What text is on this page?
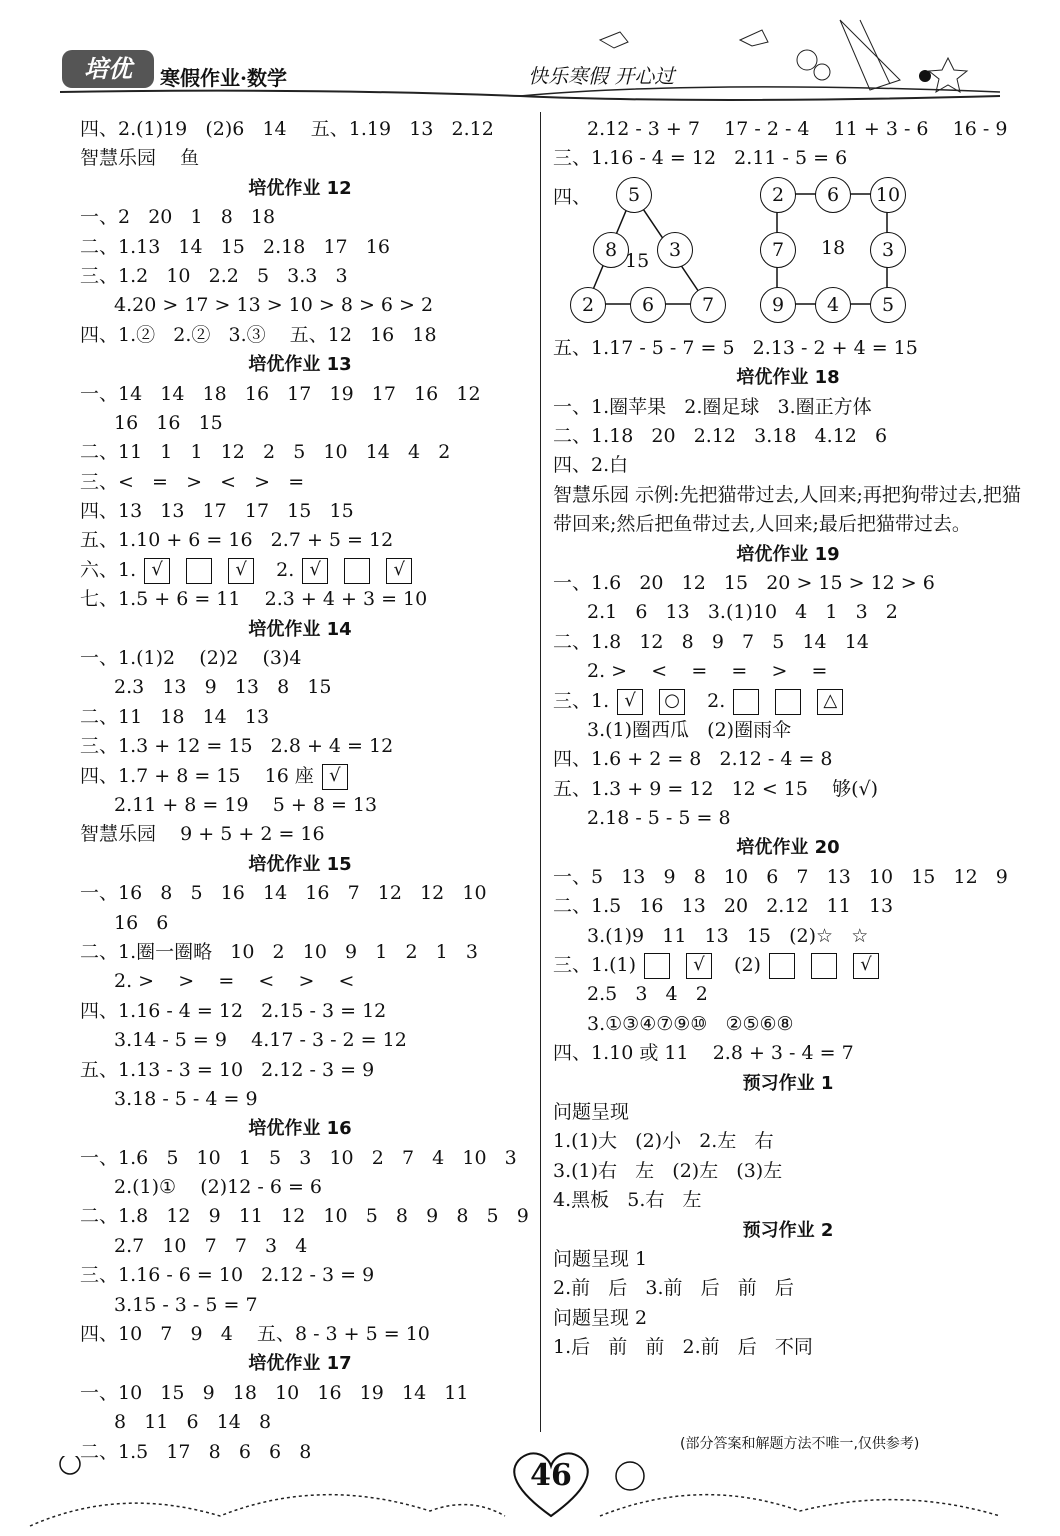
培优	寒假作业·数学	快乐寒假 开心过
四、2.(1)19   (2)6   14    五、1.19   13   2.12
智慧乐园    鱼
培优作业 12
一、2   20   1   8   18
二、1.13   14   15   2.18   17   16
三、1.2   10   2.2   5   3.3   3
4.20 > 17 > 13 > 10 > 8 > 6 > 2
四、1.②   2.②   3.③    五、12   16   18
培优作业 13
一、14   14   18   16   17   19   17   16   12
16   16   15
二、11   1   1   12   2   5   10   14   4   2
三、<   =   >   <   >   =
四、13   13   17   17   15   15
五、1.10 + 6 = 16   2.7 + 5 = 12
六、1. √	√ 2. √	√
七、1.5 + 6 = 11    2.3 + 4 + 3 = 10
培优作业 14
一、1.(1)2    (2)2    (3)4
2.3   13   9   13   8   15
二、11   18   14   13
三、1.3 + 12 = 15   2.8 + 4 = 12
四、1.7 + 8 = 15    16 座 √
2.11 + 8 = 19    5 + 8 = 13
智慧乐园    9 + 5 + 2 = 16
培优作业 15
一、16   8   5   16   14   16   7   12   12   10
16   6
二、1.圈一圈略   10   2   10   9   1   2   1   3
2. >    >    =    <    >    <
四、1.16 - 4 = 12   2.15 - 3 = 12
3.14 - 5 = 9    4.17 - 3 - 2 = 12
五、1.13 - 3 = 10   2.12 - 3 = 9
3.18 - 5 - 4 = 9
培优作业 16
一、1.6   5   10   1   5   3   10   2   7   4   10   3
2.(1)①    (2)12 - 6 = 6
二、1.8   12   9   11   12   10   5   8   9   8   5   9
2.7   10   7   7   3   4
三、1.16 - 6 = 10   2.12 - 3 = 9
3.15 - 3 - 5 = 7
四、10   7   9   4    五、8 - 3 + 5 = 10
培优作业 17
一、10   15   9   18   10   16   19   14   11
8   11   6   14   8
二、1.5   17   8   6   6   8
2.12 - 3 + 7    17 - 2 - 4    11 + 3 - 6    16 - 9
三、1.16 - 4 = 12   2.11 - 5 = 6
四、	5
8	3
2	6	7
15
2	6	10
7	3
9	4	5
18
五、1.17 - 5 - 7 = 5   2.13 - 2 + 4 = 15
培优作业 18
一、1.圈苹果   2.圈足球   3.圈正方体
二、1.18   20   2.12   3.18   4.12   6
四、2.白
智慧乐园 示例:先把猫带过去,人回来;再把狗带过去,把猫带回来;然后把鱼带过去,人回来;最后把猫带过去。
培优作业 19
一、1.6   20   12   15   20 > 15 > 12 > 6
2.1   6   13   3.(1)10   4   1   3   2
二、1.8   12   8   9   7   5   14   14
2. >    <    =    =    >    =
三、1. √ ○ 2.	△
3.(1)圈西瓜   (2)圈雨伞
四、1.6 + 2 = 8   2.12 - 4 = 8
五、1.3 + 9 = 12   12 < 15    够(√)
2.18 - 5 - 5 = 8
培优作业 20
一、5   13   9   8   10   6   7   13   10   15   12   9
二、1.5   16   13   20   2.12   11   13
3.(1)9   11   13   15   (2)☆   ☆
三、1.(1)	√ (2)	√
2.5   3   4   2
3.①③④⑦⑨⑩   ②⑤⑥⑧
四、1.10 或 11    2.8 + 3 - 4 = 7
预习作业 1
问题呈现
1.(1)大   (2)小   2.左   右
3.(1)右   左   (2)左   (3)左
4.黑板   5.右   左
预习作业 2
问题呈现 1
2.前   后   3.前   后   前   后
问题呈现 2
1.后   前   前   2.前   后   不同
(部分答案和解题方法不唯一,仅供参考)
46
